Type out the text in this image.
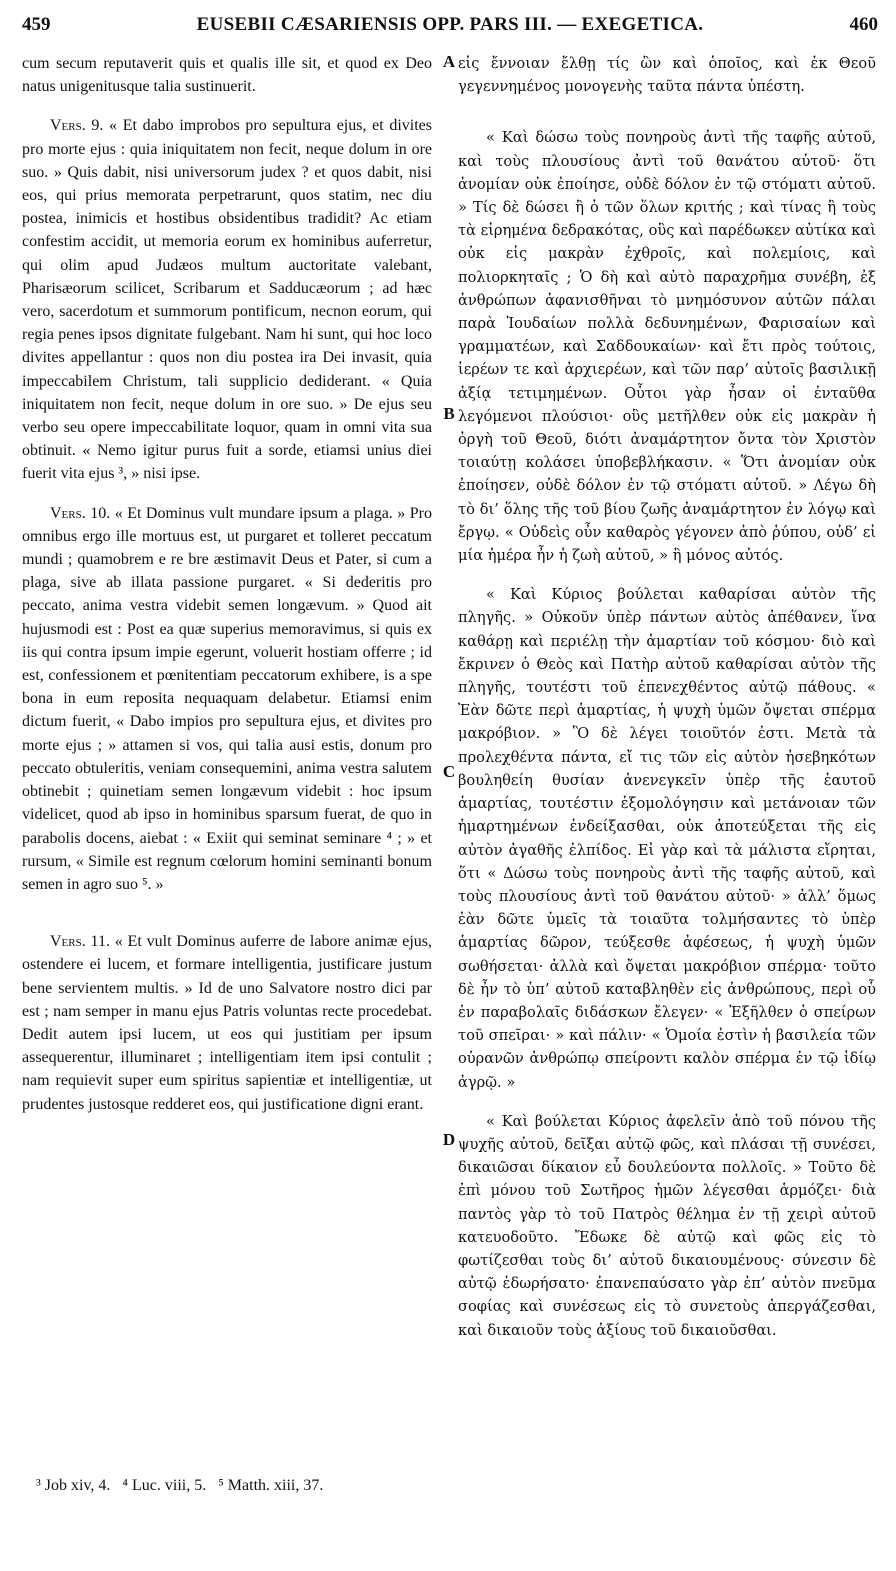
459	EUSEBII CÆSARIENSIS OPP. PARS III. — EXEGETICA.	460

cum secum reputaverit quis et qualis ille sit, et quod ex Deo natus unigenitusque talia sustinuerit.

Vers. 9. « Et dabo improbos pro sepultura ejus, et divites pro morte ejus : quia iniquitatem non fecit, neque dolum in ore suo. » Quis dabit, nisi universorum judex ? et quos dabit, nisi eos, qui prius memorata perpetrarunt, quos statim, nec diu postea, inimicis et hostibus obsidentibus tradidit? Ac etiam confestim accidit, ut memoria eorum ex hominibus auferretur, qui olim apud Judæos multum auctoritate valebant, Pharisæorum scilicet, Scribarum et Sadducæorum ; ad hæc vero, sacerdotum et summorum pontificum, necnon eorum, qui regia penes ipsos dignitate fulgebant. Nam hi sunt, qui hoc loco divites appellantur : quos non diu postea ira Dei invasit, quia impeccabilem Christum, tali supplicio dediderant. « Quia iniquitatem non fecit, neque dolum in ore suo. » De ejus seu verbo seu opere impeccabilitate loquor, quam in omni vita sua obtinuit. « Nemo igitur purus fuit a sorde, etiamsi unius diei fuerit vita ejus ³, » nisi ipse.

Vers. 10. « Et Dominus vult mundare ipsum a plaga. » Pro omnibus ergo ille mortuus est, ut purgaret et tolleret peccatum mundi ; quamobrem e re bre æstimavit Deus et Pater, si cum a plaga, sive ab illata passione purgaret. « Si dederitis pro peccato, anima vestra videbit semen longævum. » Quod ait hujusmodi est : Post ea quæ superius memoravimus, si quis ex iis qui contra ipsum impie egerunt, voluerit hostiam offerre ; id est, confessionem et pœnitentiam peccatorum exhibere, is a spe bona in eum reposita nequaquam delabetur. Etiamsi enim dictum fuerit, « Dabo impios pro sepultura ejus, et divites pro morte ejus ; » attamen si vos, qui talia ausi estis, donum pro peccato obtuleritis, veniam consequemini, anima vestra salutem obtinebit ; quinetiam semen longævum videbit : hoc ipsum videlicet, quod ab ipso in hominibus sparsum fuerat, de quo in parabolis docens, aiebat : « Exiit qui seminat seminare ⁴ ; » et rursum, « Simile est regnum cœlorum homini seminanti bonum semen in agro suo ⁵. »

Vers. 11. « Et vult Dominus auferre de labore animæ ejus, ostendere ei lucem, et formare intelligentia, justificare justum bene servientem multis. » Id de uno Salvatore nostro dici par est ; nam semper in manu ejus Patris voluntas recte procedebat. Dedit autem ipsi lucem, ut eos qui justitiam per ipsum assequerentur, illuminaret ; intelligentiam item ipsi contulit ; nam requievit super eum spiritus sapientiæ et intelligentiæ, ut prudentes justosque redderet eos, qui justificatione digni erant.

εἰς ἔννοιαν ἔλθῃ τίς ὢν καὶ ὁποῖος, καὶ ἐκ Θεοῦ γεγεννημένος μονογενὴς ταῦτα πάντα ὑπέστη.

« Καὶ δώσω τοὺς πονηροὺς ἀντὶ τῆς ταφῆς αὐτοῦ, καὶ τοὺς πλουσίους ἀντὶ τοῦ θανάτου αὐτοῦ· ὅτι ἀνομίαν οὐκ ἐποίησε, οὐδὲ δόλον ἐν τῷ στόματι αὐτοῦ. » Τίς δὲ δώσει ἢ ὁ τῶν ὅλων κριτής ; καὶ τίνας ἢ τοὺς τὰ εἰρημένα δεδρακότας, οὓς καὶ παρέδωκεν αὐτίκα καὶ οὐκ εἰς μακρὰν ἐχθροῖς, καὶ πολεμίοις, καὶ πολιορκηταῖς ; Ὁ δὴ καὶ αὐτὸ παραχρῆμα συνέβη, ἐξ ἀνθρώπων ἀφανισθῆναι τὸ μνημόσυνον αὐτῶν πάλαι παρὰ Ἰουδαίων πολλὰ δεδυνημένων, Φαρισαίων καὶ γραμματέων, καὶ Σαδδουκαίων· καὶ ἔτι πρὸς τούτοις, ἱερέων τε καὶ ἀρχιερέων, καὶ τῶν παρ’ αὐτοῖς βασιλικῇ ἀξίᾳ τετιμημένων. Οὗτοι γὰρ ἦσαν οἱ ἐνταῦθα λεγόμενοι πλούσιοι· οὓς μετῆλθεν οὐκ εἰς μακρὰν ἡ ὀργὴ τοῦ Θεοῦ, διότι ἀναμάρτητον ὄντα τὸν Χριστὸν τοιαύτῃ κολάσει ὑποβεβλήκασιν. « Ὅτι ἀνομίαν οὐκ ἐποίησεν, οὐδὲ δόλον ἐν τῷ στόματι αὐτοῦ. » Λέγω δὴ τὸ δι’ ὅλης τῆς τοῦ βίου ζωῆς ἀναμάρτητον ἐν λόγῳ καὶ ἔργῳ. « Οὐδεὶς οὖν καθαρὸς γέγονεν ἀπὸ ῥύπου, οὐδ’ εἰ μία ἡμέρα ἦν ἡ ζωὴ αὐτοῦ, » ἢ μόνος αὐτός.

« Καὶ Κύριος βούλεται καθαρίσαι αὐτὸν τῆς πληγῆς. » Οὐκοῦν ὑπὲρ πάντων αὐτὸς ἀπέθανεν, ἵνα καθάρῃ καὶ περιέλῃ τὴν ἁμαρτίαν τοῦ κόσμου· διὸ καὶ ἔκρινεν ὁ Θεὸς καὶ Πατὴρ αὐτοῦ καθαρίσαι αὐτὸν τῆς πληγῆς, τουτέστι τοῦ ἐπενεχθέντος αὐτῷ πάθους. « Ἐὰν δῶτε περὶ ἁμαρτίας, ἡ ψυχὴ ὑμῶν ὄψεται σπέρμα μακρόβιον. » Ὃ δὲ λέγει τοιοῦτόν ἐστι. Μετὰ τὰ προλεχθέντα πάντα, εἴ τις τῶν εἰς αὐτὸν ἠσεβηκότων βουληθείη θυσίαν ἀνενεγκεῖν ὑπὲρ τῆς ἑαυτοῦ ἁμαρτίας, τουτέστιν ἐξομολόγησιν καὶ μετάνοιαν τῶν ἡμαρτημένων ἐνδείξασθαι, οὐκ ἀποτεύξεται τῆς εἰς αὐτὸν ἀγαθῆς ἐλπίδος. Εἰ γὰρ καὶ τὰ μάλιστα εἴρηται, ὅτι « Δώσω τοὺς πονηροὺς ἀντὶ τῆς ταφῆς αὐτοῦ, καὶ τοὺς πλουσίους ἀντὶ τοῦ θανάτου αὐτοῦ· » ἀλλ’ ὅμως ἐὰν δῶτε ὑμεῖς τὰ τοιαῦτα τολμήσαντες τὸ ὑπὲρ ἁμαρτίας δῶρον, τεύξεσθε ἀφέσεως, ἡ ψυχὴ ὑμῶν σωθήσεται· ἀλλὰ καὶ ὄψεται μακρόβιον σπέρμα· τοῦτο δὲ ἦν τὸ ὑπ’ αὐτοῦ καταβληθὲν εἰς ἀνθρώπους, περὶ οὗ ἐν παραβολαῖς διδάσκων ἔλεγεν· « Ἐξῆλθεν ὁ σπείρων τοῦ σπεῖραι· » καὶ πάλιν· « Ὁμοία ἐστὶν ἡ βασιλεία τῶν οὐρανῶν ἀνθρώπῳ σπείροντι καλὸν σπέρμα ἐν τῷ ἰδίῳ ἀγρῷ. »

« Καὶ βούλεται Κύριος ἀφελεῖν ἀπὸ τοῦ πόνου τῆς ψυχῆς αὐτοῦ, δεῖξαι αὐτῷ φῶς, καὶ πλάσαι τῇ συνέσει, δικαιῶσαι δίκαιον εὖ δουλεύοντα πολλοῖς. » Τοῦτο δὲ ἐπὶ μόνου τοῦ Σωτῆρος ἡμῶν λέγεσθαι ἁρμόζει· διὰ παντὸς γὰρ τὸ τοῦ Πατρὸς θέλημα ἐν τῇ χειρὶ αὐτοῦ κατευοδοῦτο. Ἔδωκε δὲ αὐτῷ καὶ φῶς εἰς τὸ φωτίζεσθαι τοὺς δι’ αὐτοῦ δικαιουμένους· σύνεσιν δὲ αὐτῷ ἐδωρήσατο· ἐπανεπαύσατο γὰρ ἐπ’ αὐτὸν πνεῦμα σοφίας καὶ συνέσεως εἰς τὸ συνετοὺς ἀπεργάζεσθαι, καὶ δικαιοῦν τοὺς ἀξίους τοῦ δικαιοῦσθαι.

A
B
C
D
³ Job xiv, 4.   ⁴ Luc. viii, 5.   ⁵ Matth. xiii, 37.
